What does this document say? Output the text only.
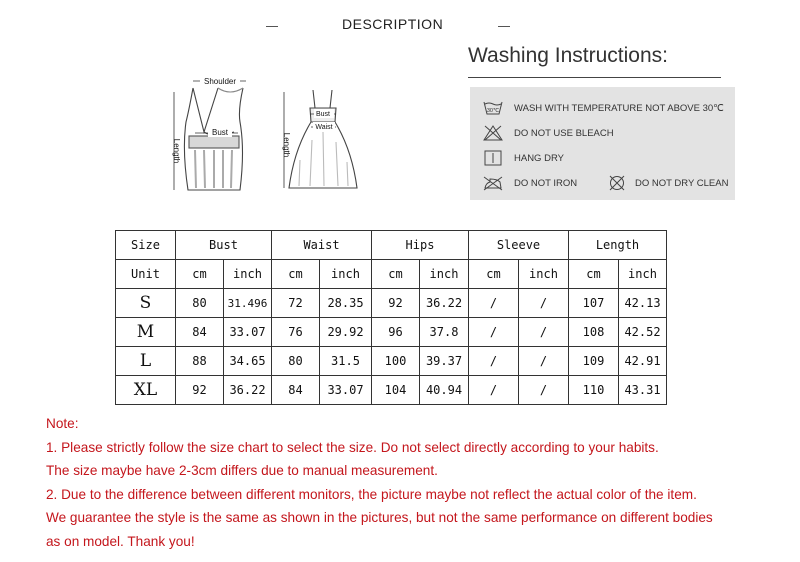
DESCRIPTION
Shoulder
Bust
Length
Bust
Waist
Length
Washing Instructions:
30℃ WASH WITH TEMPERATURE NOT ABOVE 30℃
DO NOT USE BLEACH
HANG DRY
DO NOT IRON	DO NOT DRY CLEAN
Size	Bust		Waist		Hips		Sleeve		Length	
Unit	cm	inch	cm	inch	cm	inch	cm	inch	cm	inch
S	80	31.496	72	28.35	92	36.22	/	/	107	42.13
M	84	33.07	76	29.92	96	37.8	/	/	108	42.52
L	88	34.65	80	31.5	100	39.37	/	/	109	42.91
XL	92	36.22	84	33.07	104	40.94	/	/	110	43.31
Note:
1. Please strictly follow the size chart to select the size. Do not select directly according to your habits.
The size maybe have 2-3cm differs due to manual measurement.
2. Due to the difference between different monitors, the picture maybe not reflect the actual color of the item.
We guarantee the style is the same as shown in the pictures, but not the same performance on different bodies
as on model. Thank you!
